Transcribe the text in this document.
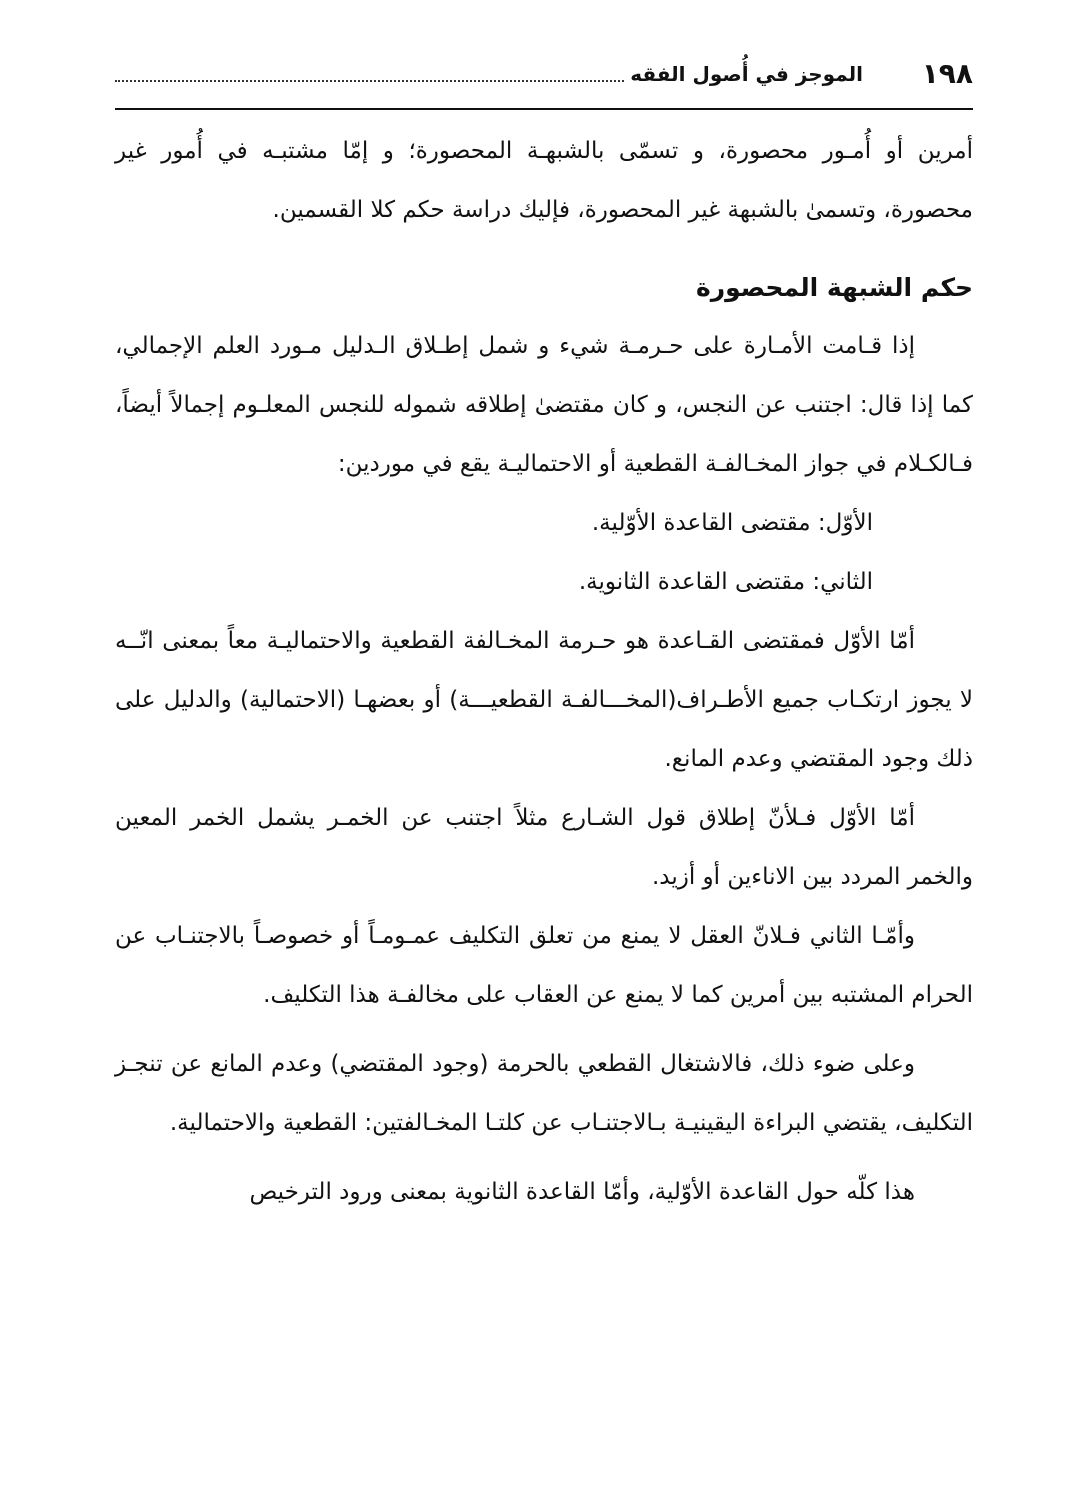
١٩٨
الموجز في أُصول الفقه

أمرين أو أُمـور محصورة، و تسمّى بالشبهـة المحصورة؛ و إمّا مشتبـه في أُمور غير محصورة، وتسمىٰ بالشبهة غير المحصورة، فإليك دراسة حكم كلا القسمين.

حكم الشبهة المحصورة

إذا قـامت الأمـارة على حـرمـة شيء و شمل إطـلاق الـدليل مـورد العلم الإجمالي، كما إذا قال: اجتنب عن النجس، و كان مقتضىٰ إطلاقه شموله للنجس المعلـوم إجمالاً أيضاً، فـالكـلام في جواز المخـالفـة القطعية أو الاحتماليـة يقع في موردين:

الأوّل: مقتضى القاعدة الأوّلية.

الثاني: مقتضى القاعدة الثانوية.

أمّا الأوّل فمقتضى القـاعدة هو حـرمة المخـالفة القطعية والاحتماليـة معاً بمعنى انّــه لا يجوز ارتكـاب جميع الأطـراف(المخـــالفـة القطعيـــة) أو بعضهـا (الاحتمالية) والدليل على ذلك وجود المقتضي وعدم المانع.

أمّا الأوّل فـلأنّ إطلاق قول الشـارع مثلاً اجتنب عن الخمـر يشمل الخمر المعين والخمر المردد بين الاناءين أو أزيد.

وأمّـا الثاني فـلانّ العقل لا يمنع من تعلق التكليف عمـومـاً أو خصوصـاً بالاجتنـاب عن الحرام المشتبه بين أمرين كما لا يمنع عن العقاب على مخالفـة هذا التكليف.

وعلى ضوء ذلك، فالاشتغال القطعي بالحرمة (وجود المقتضي) وعدم المانع عن تنجـز التكليف، يقتضي البراءة اليقينيـة بـالاجتنـاب عن كلتـا المخـالفتين: القطعية والاحتمالية.

هذا كلّه حول القاعدة الأوّلية، وأمّا القاعدة الثانوية بمعنى ورود الترخيص
